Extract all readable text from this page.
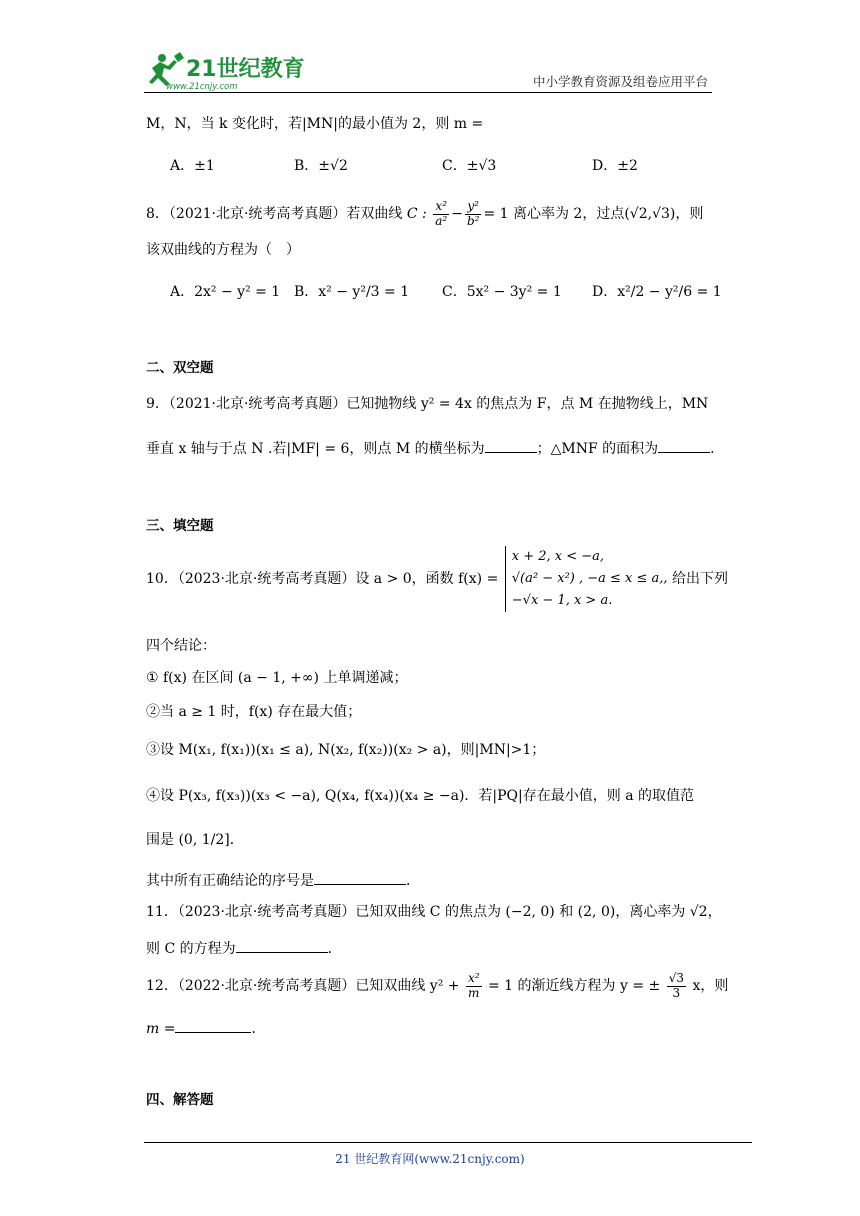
21世纪教育
www.21cnjy.com	中小学教育资源及组卷应用平台
M，N，当 k 变化时，若|MN|的最小值为 2，则 m =
A．±1	B．±√2	C．±√3	D．±2
8．（2021·北京·统考高考真题）若双曲线 C : $\frac{\text{x²}}{\text{a²}} - \frac{\text{y²}}{\text{b²}} = 1$ 离心率为 2，过点(√2,√3)，则
该双曲线的方程为（　）
A．2x² − y² = 1 B．x² − y²/3 = 1 C．5x² − 3y² = 1 D．x²/2 − y²/6 = 1
二、双空题
9．（2021·北京·统考高考真题）已知抛物线 y² = 4x 的焦点为 F，点 M 在抛物线上，MN
垂直 x 轴与于点 N .若|MF| = 6，则点 M 的横坐标为	；△MNF 的面积为	.
三、填空题
10．（2023·北京·统考高考真题）设 a > 0，函数 f(x) =
x + 2, x < −a,
√(a² − x²) , −a ≤ x ≤ a,,
−√x − 1, x > a.
给出下列
四个结论：
① f(x) 在区间 (a − 1, +∞) 上单调递减；
②当 a ≥ 1 时，f(x) 存在最大值；
③设 M(x₁, f(x₁))(x₁ ≤ a), N(x₂, f(x₂))(x₂ > a)，则|MN|>1；
④设 P(x₃, f(x₃))(x₃ < −a), Q(x₄, f(x₄))(x₄ ≥ −a)．若|PQ|存在最小值，则 a 的取值范
围是 (0, 1/2]．
其中所有正确结论的序号是	．
11．（2023·北京·统考高考真题）已知双曲线 C 的焦点为 (−2, 0) 和 (2, 0)，离心率为 √2，
则 C 的方程为	．
12．（2022·北京·统考高考真题）已知双曲线 $y^2 + \frac{\text{x²}}{m} = 1$ 的渐近线方程为 y = ± $\frac{√3}{3}$ x，则
m =	．
四、解答题
21 世纪教育网(www.21cnjy.com)
